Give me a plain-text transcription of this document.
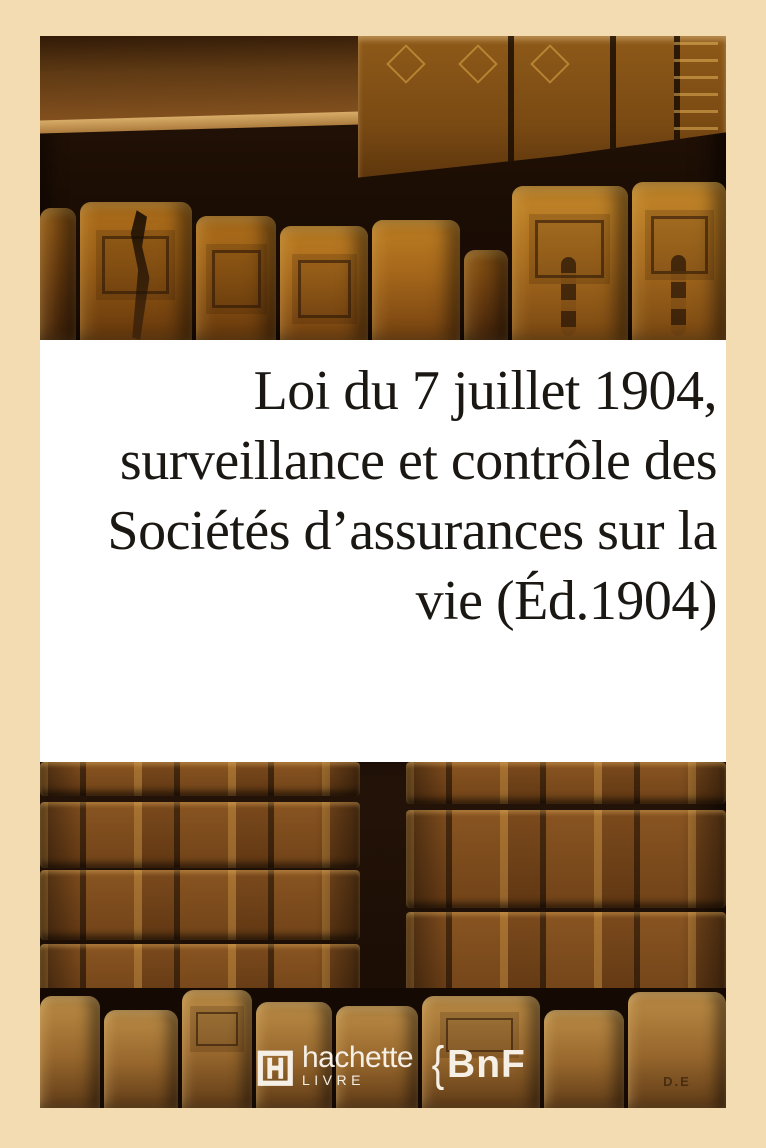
Loi du 7 juillet 1904,
surveillance et contrôle des
Sociétés d’assurances sur la
vie (Éd.1904)
D.E
hachette
LIVRE	{ BnF
